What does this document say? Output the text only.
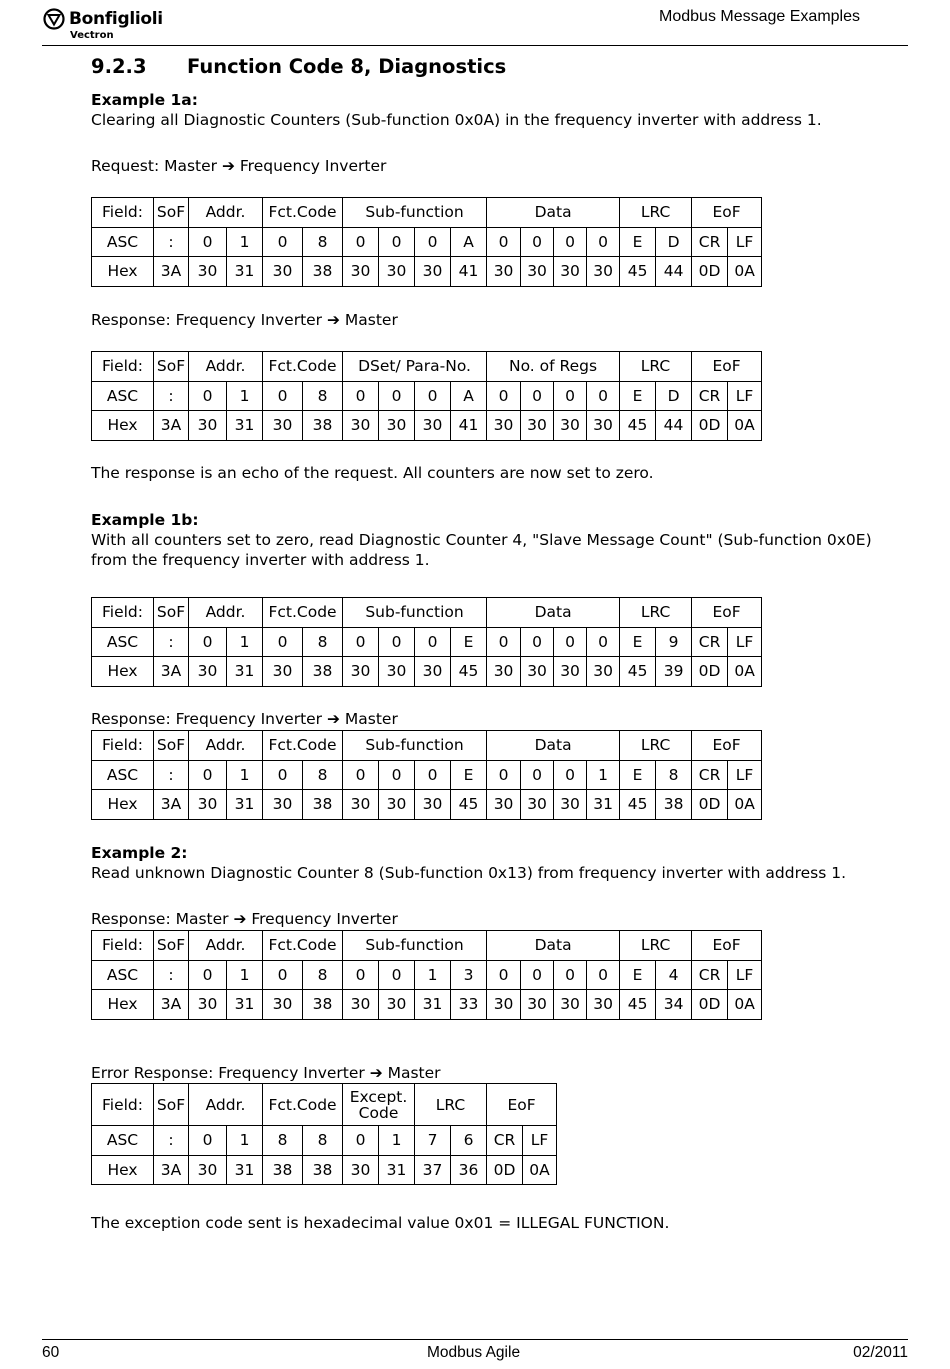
Bonfiglioli
Vectron
Modbus Message Examples
9.2.3 Function Code 8, Diagnostics
Example 1a:
Clearing all Diagnostic Counters (Sub-function 0x0A) in the frequency inverter with address 1.
Request: Master ➔ Frequency Inverter
Field:	SoF	Addr.		Fct.Code		Sub-function				Data				LRC		EoF	
ASC	:	0	1	0	8	0	0	0	A	0	0	0	0	E	D	CR	LF
Hex	3A	30	31	30	38	30	30	30	41	30	30	30	30	45	44	0D	0A
Response: Frequency Inverter ➔ Master
Field:	SoF	Addr.		Fct.Code		DSet/ Para-No.				No. of Regs				LRC		EoF	
ASC	:	0	1	0	8	0	0	0	A	0	0	0	0	E	D	CR	LF
Hex	3A	30	31	30	38	30	30	30	41	30	30	30	30	45	44	0D	0A
The response is an echo of the request. All counters are now set to zero.
Example 1b:
With all counters set to zero, read Diagnostic Counter 4, "Slave Message Count" (Sub-function 0x0E)
from the frequency inverter with address 1.
Field:	SoF	Addr.		Fct.Code		Sub-function				Data				LRC		EoF	
ASC	:	0	1	0	8	0	0	0	E	0	0	0	0	E	9	CR	LF
Hex	3A	30	31	30	38	30	30	30	45	30	30	30	30	45	39	0D	0A
Response: Frequency Inverter ➔ Master
Field:	SoF	Addr.		Fct.Code		Sub-function				Data				LRC		EoF	
ASC	:	0	1	0	8	0	0	0	E	0	0	0	1	E	8	CR	LF
Hex	3A	30	31	30	38	30	30	30	45	30	30	30	31	45	38	0D	0A
Example 2:
Read unknown Diagnostic Counter 8 (Sub-function 0x13) from frequency inverter with address 1.
Response: Master ➔ Frequency Inverter
Field:	SoF	Addr.		Fct.Code		Sub-function				Data				LRC		EoF	
ASC	:	0	1	0	8	0	0	1	3	0	0	0	0	E	4	CR	LF
Hex	3A	30	31	30	38	30	30	31	33	30	30	30	30	45	34	0D	0A
Error Response: Frequency Inverter ➔ Master
Field:	SoF	Addr.		Fct.Code		Except. Code		LRC		EoF	
ASC	:	0	1	8	8	0	1	7	6	CR	LF
Hex	3A	30	31	38	38	30	31	37	36	0D	0A
The exception code sent is hexadecimal value 0x01 = ILLEGAL FUNCTION.
60	Modbus Agile	02/2011
